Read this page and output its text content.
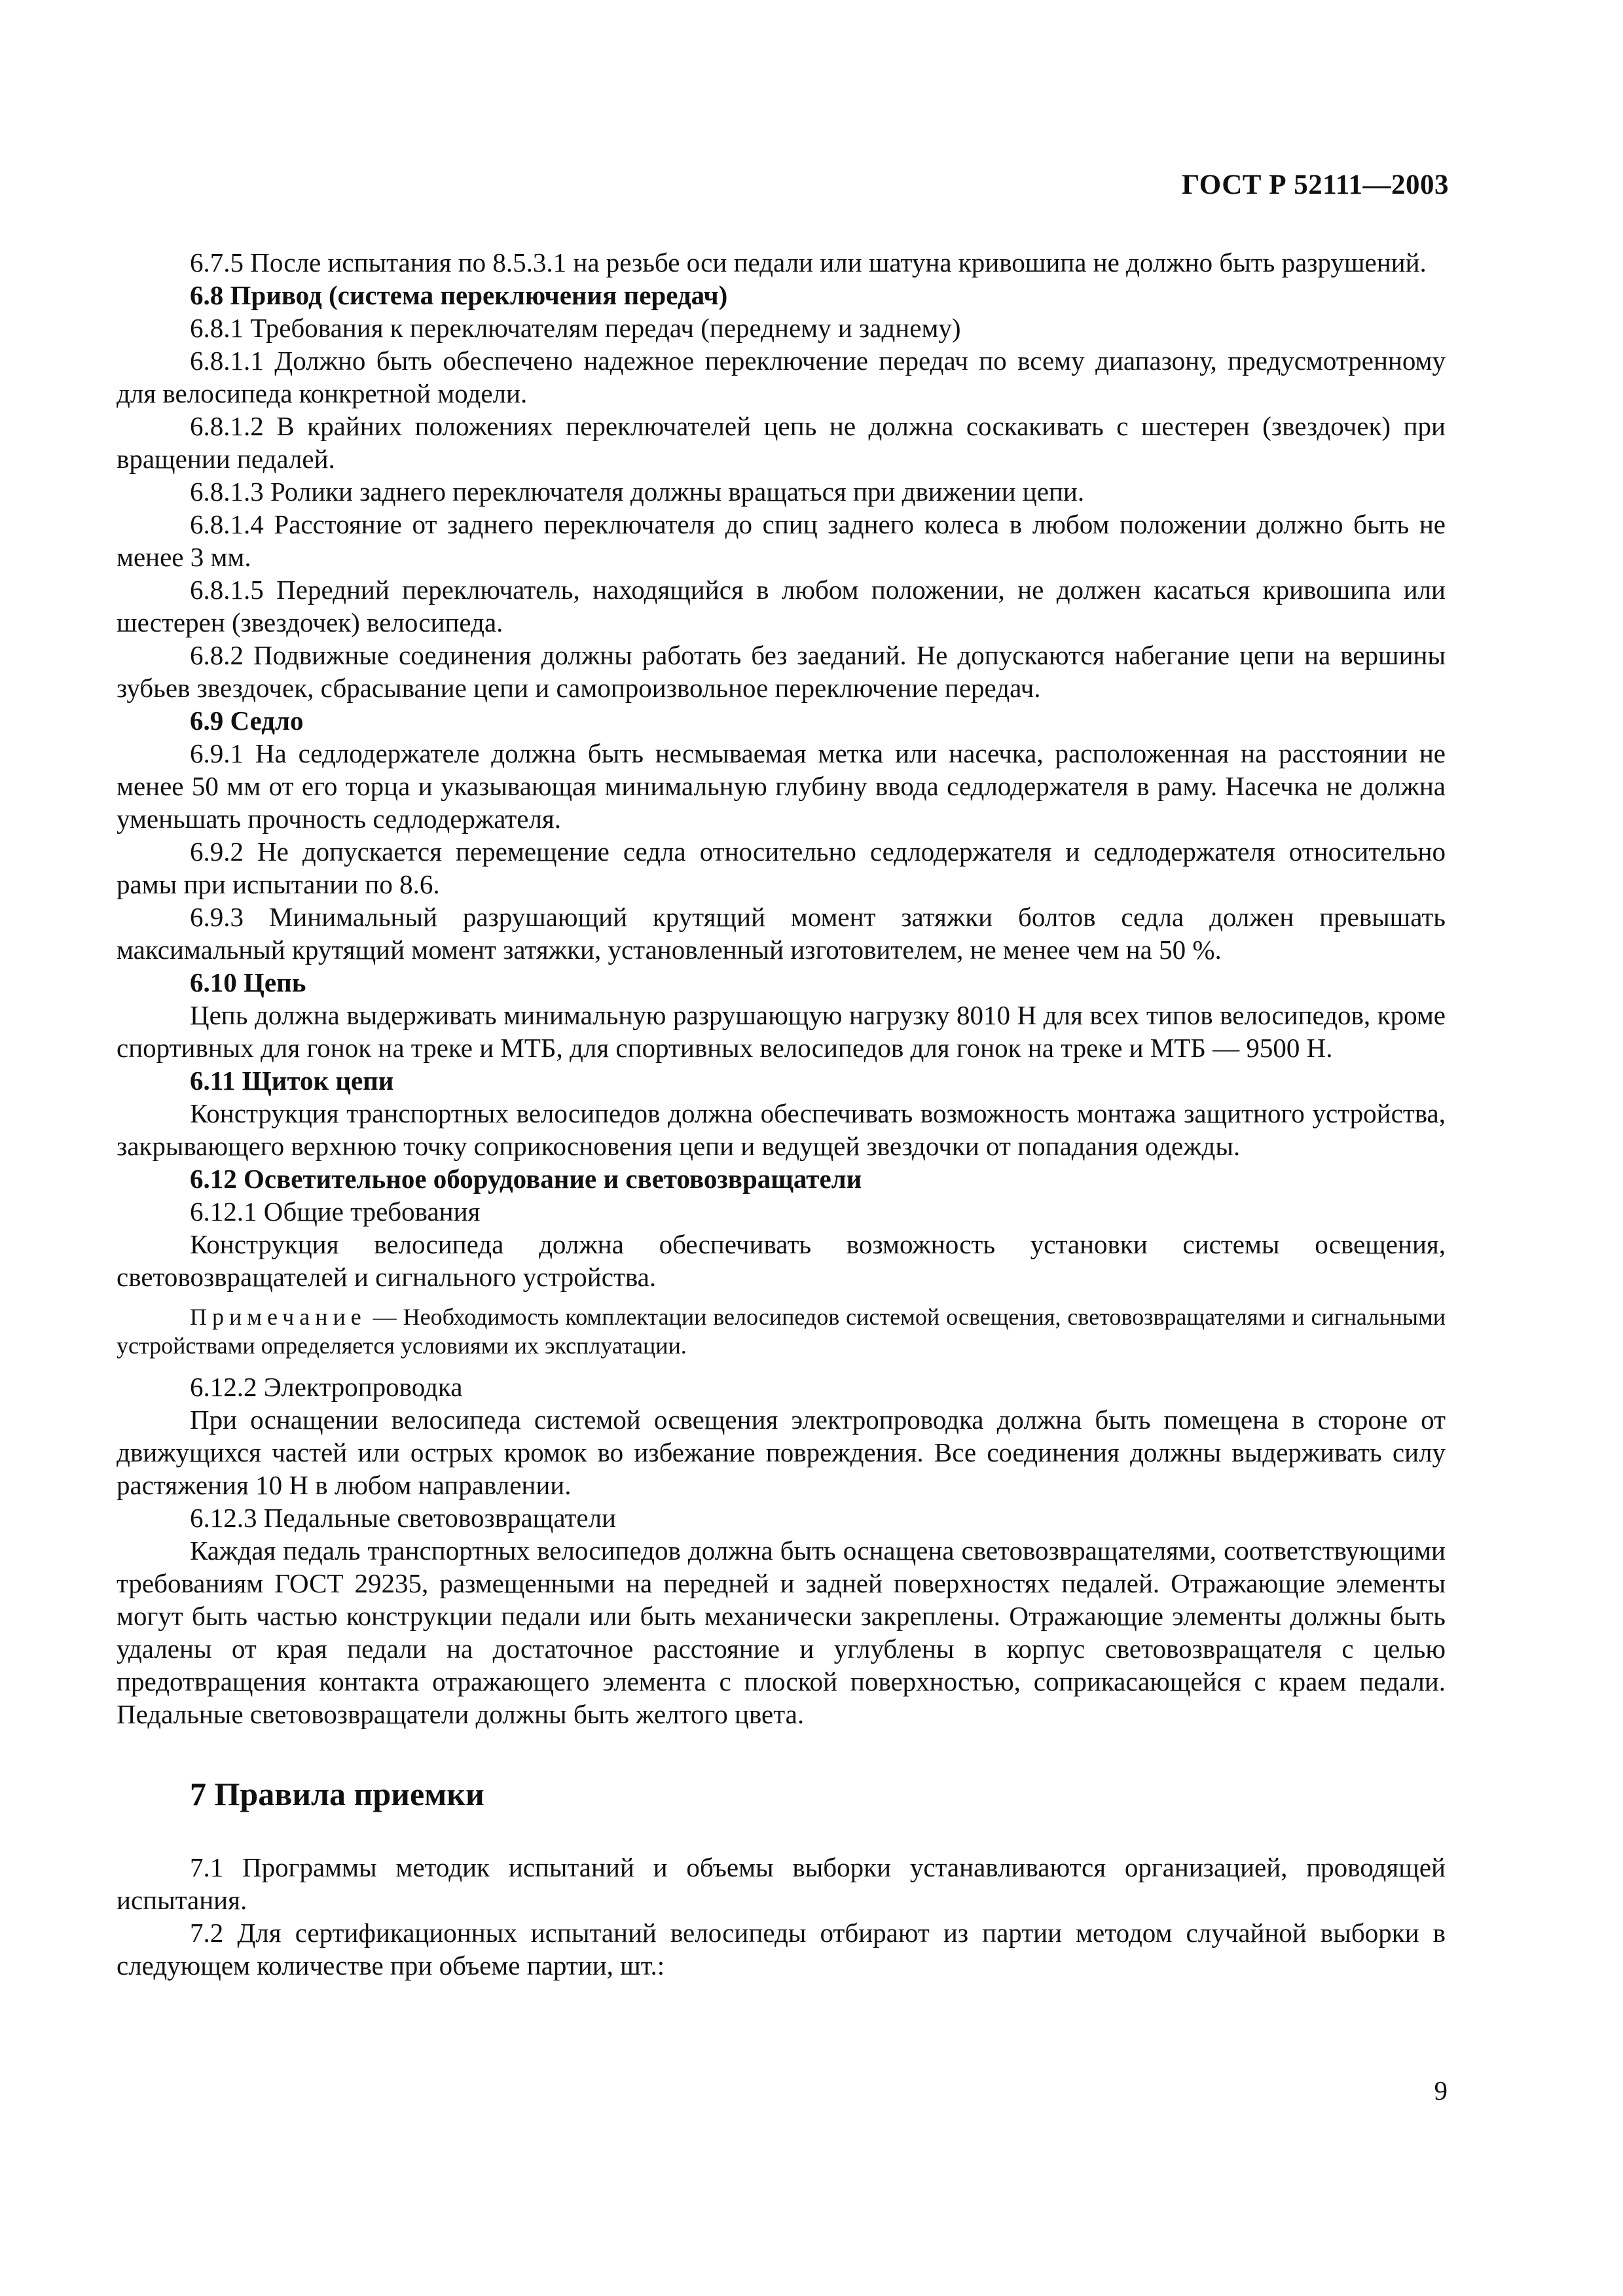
ГОСТ Р 52111—2003

6.7.5 После испытания по 8.5.3.1 на резьбе оси педали или шатуна кривошипа не должно быть разрушений.

6.8 Привод (система переключения передач)

6.8.1 Требования к переключателям передач (переднему и заднему)

6.8.1.1 Должно быть обеспечено надежное переключение передач по всему диапазону, предусмотренному для велосипеда конкретной модели.

6.8.1.2 В крайних положениях переключателей цепь не должна соскакивать с шестерен (звездочек) при вращении педалей.

6.8.1.3 Ролики заднего переключателя должны вращаться при движении цепи.

6.8.1.4 Расстояние от заднего переключателя до спиц заднего колеса в любом положении должно быть не менее 3 мм.

6.8.1.5 Передний переключатель, находящийся в любом положении, не должен касаться кривошипа или шестерен (звездочек) велосипеда.

6.8.2 Подвижные соединения должны работать без заеданий. Не допускаются набегание цепи на вершины зубьев звездочек, сбрасывание цепи и самопроизвольное переключение передач.

6.9 Седло

6.9.1 На седлодержателе должна быть несмываемая метка или насечка, расположенная на расстоянии не менее 50 мм от его торца и указывающая минимальную глубину ввода седлодержателя в раму. Насечка не должна уменьшать прочность седлодержателя.

6.9.2 Не допускается перемещение седла относительно седлодержателя и седлодержателя относительно рамы при испытании по 8.6.

6.9.3 Минимальный разрушающий крутящий момент затяжки болтов седла должен превышать максимальный крутящий момент затяжки, установленный изготовителем, не менее чем на 50 %.

6.10 Цепь

Цепь должна выдерживать минимальную разрушающую нагрузку 8010 Н для всех типов велосипедов, кроме спортивных для гонок на треке и МТБ, для спортивных велосипедов для гонок на треке и МТБ — 9500 Н.

6.11 Щиток цепи

Конструкция транспортных велосипедов должна обеспечивать возможность монтажа защитного устройства, закрывающего верхнюю точку соприкосновения цепи и ведущей звездочки от попадания одежды.

6.12 Осветительное оборудование и световозвращатели

6.12.1 Общие требования

Конструкция велосипеда должна обеспечивать возможность установки системы освещения, световозвращателей и сигнального устройства.

Примечание — Необходимость комплектации велосипедов системой освещения, световозвращателями и сигнальными устройствами определяется условиями их эксплуатации.

6.12.2 Электропроводка

При оснащении велосипеда системой освещения электропроводка должна быть помещена в стороне от движущихся частей или острых кромок во избежание повреждения. Все соединения должны выдерживать силу растяжения 10 Н в любом направлении.

6.12.3 Педальные световозвращатели

Каждая педаль транспортных велосипедов должна быть оснащена световозвращателями, соответствующими требованиям ГОСТ 29235, размещенными на передней и задней поверхностях педалей. Отражающие элементы могут быть частью конструкции педали или быть механически закреплены. Отражающие элементы должны быть удалены от края педали на достаточное расстояние и углублены в корпус световозвращателя с целью предотвращения контакта отражающего элемента с плоской поверхностью, соприкасающейся с краем педали. Педальные световозвращатели должны быть желтого цвета.

7 Правила приемки

7.1 Программы методик испытаний и объемы выборки устанавливаются организацией, проводящей испытания.

7.2 Для сертификационных испытаний велосипеды отбирают из партии методом случайной выборки в следующем количестве при объеме партии, шт.:

9
